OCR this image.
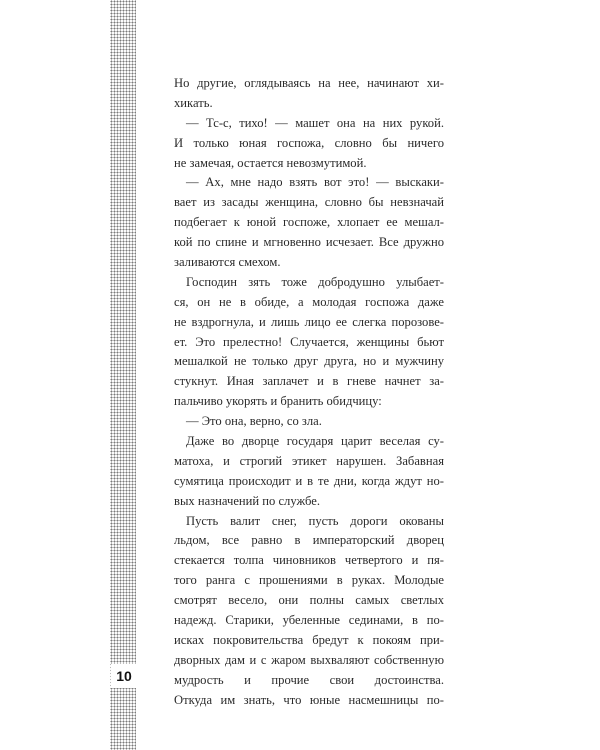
10
Но другие, оглядываясь на нее, начинают хи-
хикать.
— Тс-с, тихо! — машет она на них рукой.
И только юная госпожа, словно бы ничего
не замечая, остается невозмутимой.
— Ах, мне надо взять вот это! — выскаки-
вает из засады женщина, словно бы невзначай
подбегает к юной госпоже, хлопает ее мешал-
кой по спине и мгновенно исчезает. Все дружно
заливаются смехом.
Господин зять тоже добродушно улыбает-
ся, он не в обиде, а молодая госпожа даже
не вздрогнула, и лишь лицо ее слегка порозове-
ет. Это прелестно! Случается, женщины бьют
мешалкой не только друг друга, но и мужчину
стукнут. Иная заплачет и в гневе начнет за-
пальчиво укорять и бранить обидчицу:
— Это она, верно, со зла.
Даже во дворце государя царит веселая су-
матоха, и строгий этикет нарушен. Забавная
сумятица происходит и в те дни, когда ждут но-
вых назначений по службе.
Пусть валит снег, пусть дороги окованы
льдом, все равно в императорский дворец
стекается толпа чиновников четвертого и пя-
того ранга с прошениями в руках. Молодые
смотрят весело, они полны самых светлых
надежд. Старики, убеленные сединами, в по-
исках покровительства бредут к покоям при-
дворных дам и с жаром выхваляют собственную
мудрость и прочие свои достоинства.
Откуда им знать, что юные насмешницы по-
